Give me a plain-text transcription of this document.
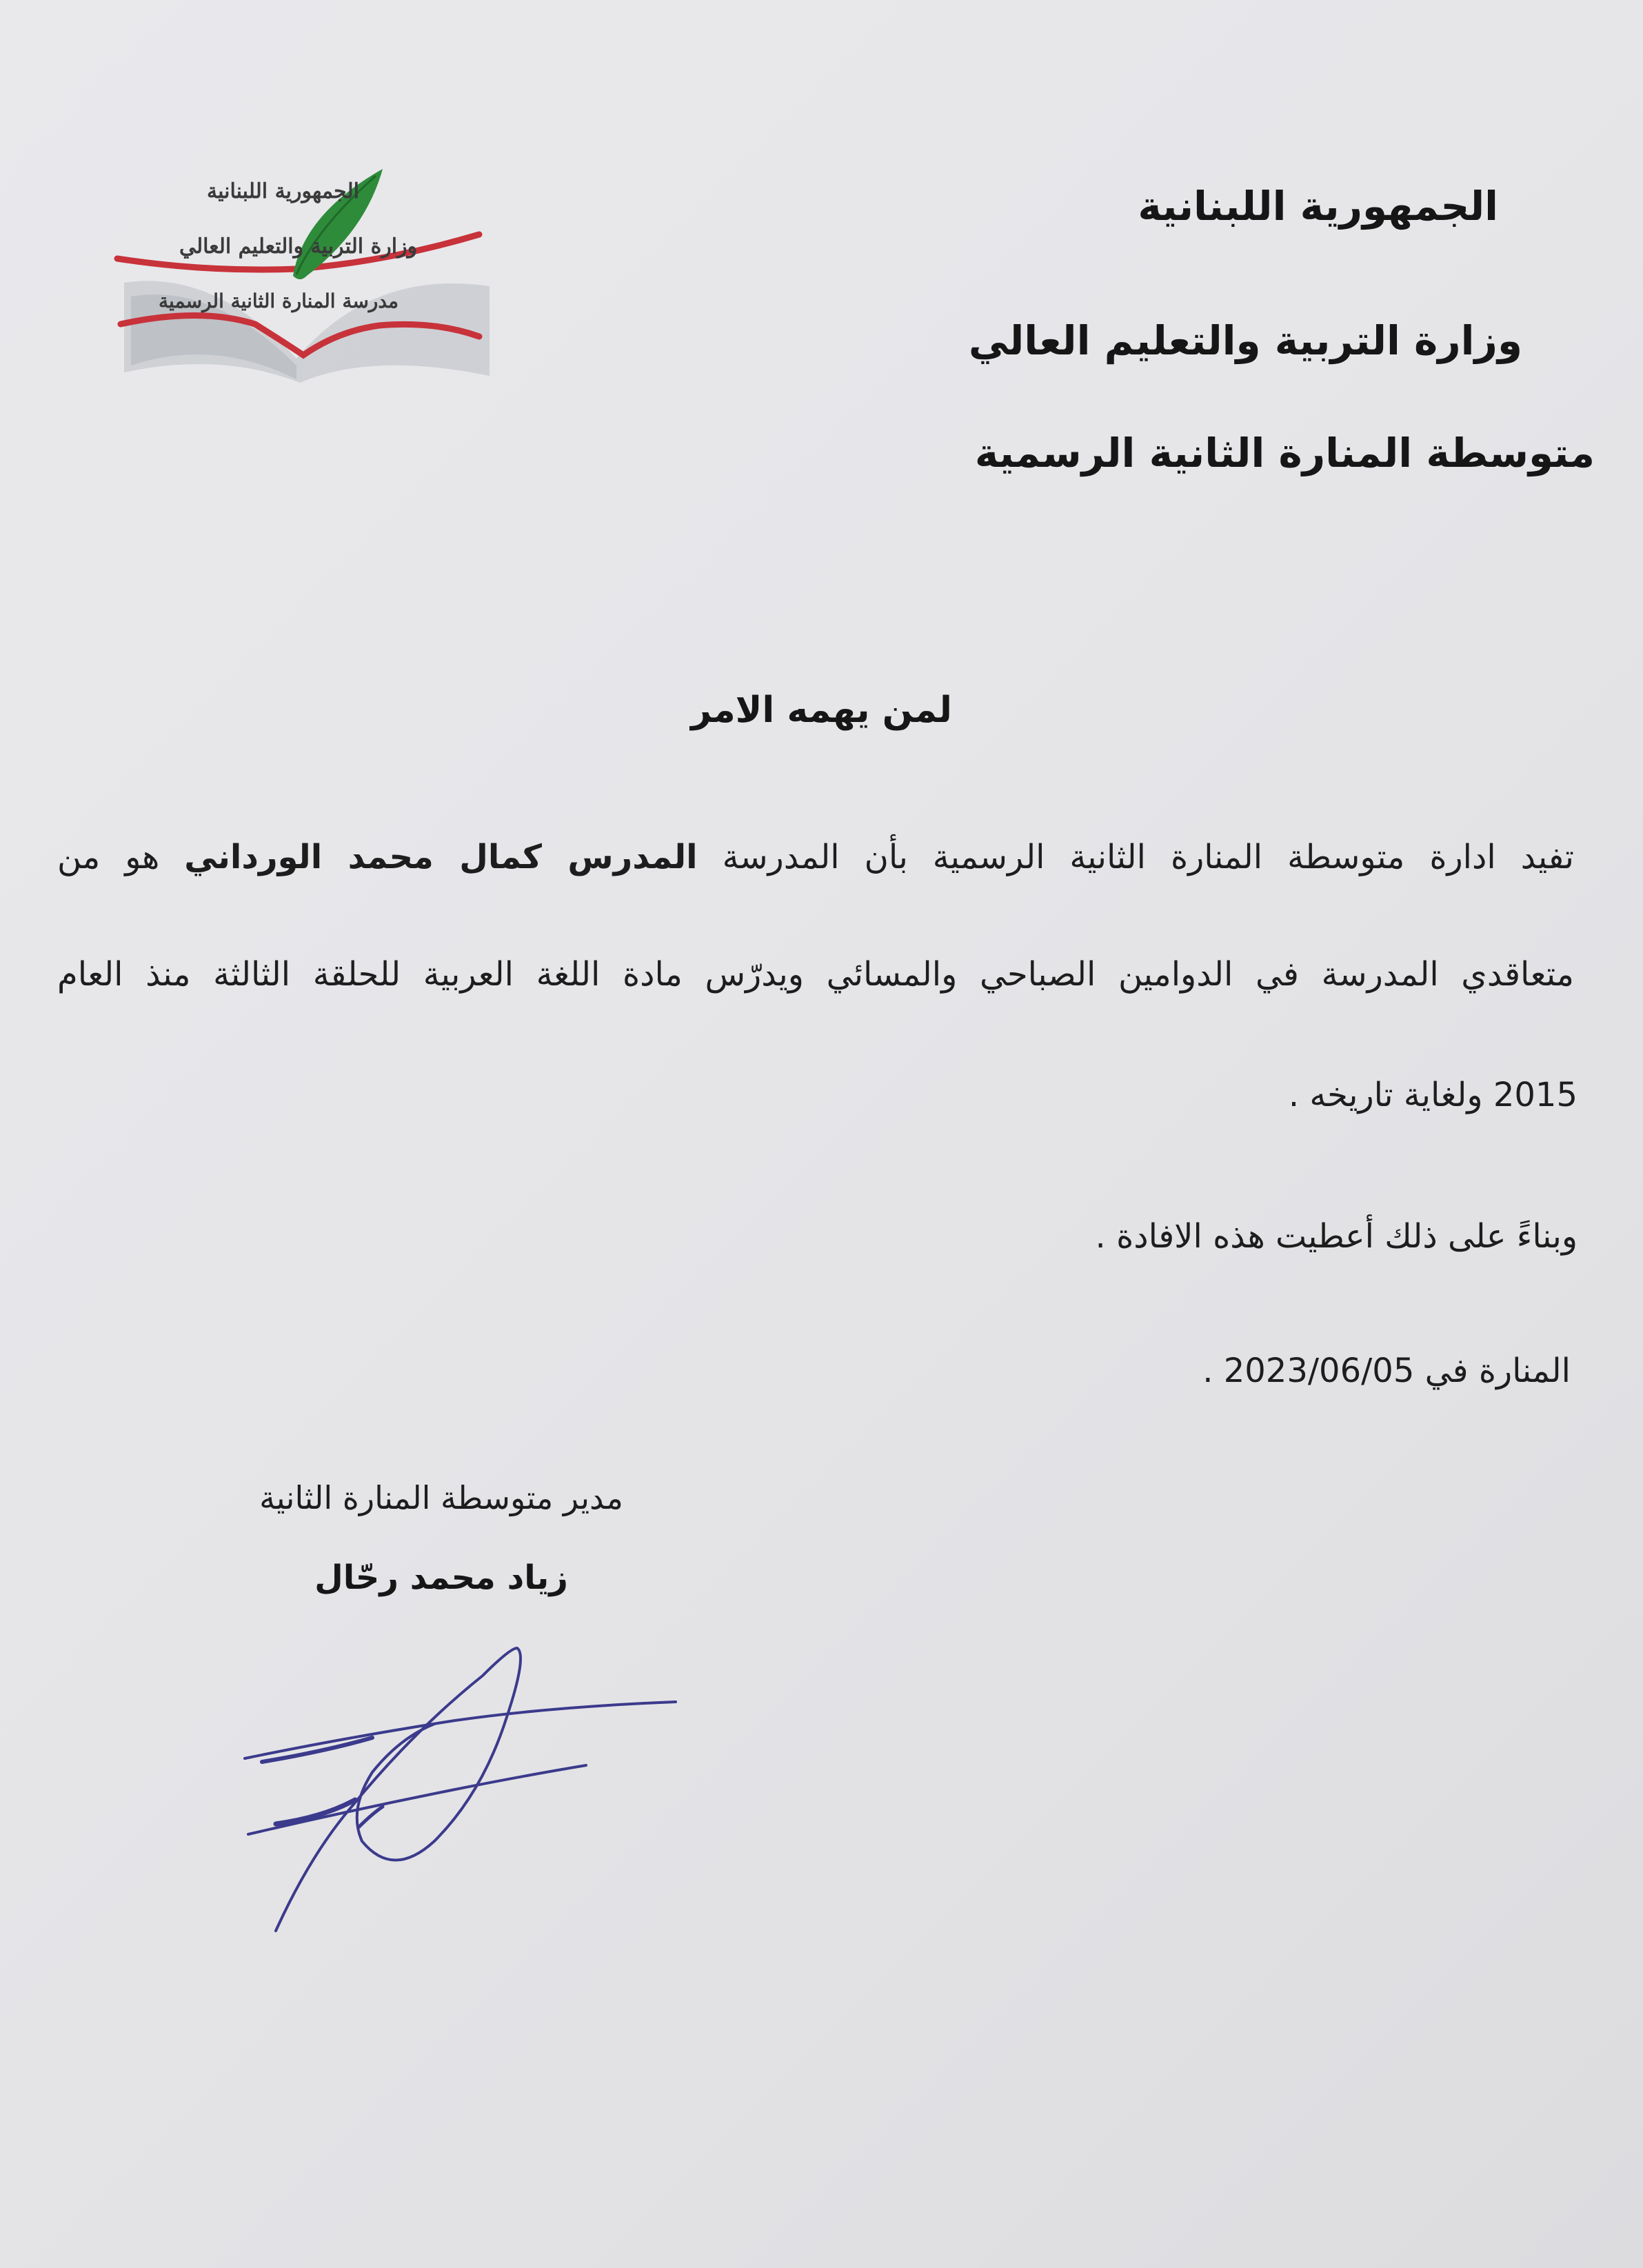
الجمهورية اللبنانية
وزارة التربية والتعليم العالي
متوسطة المنارة الثانية الرسمية
الجمهورية اللبنانية
وزارة التربية والتعليم العالي
مدرسة المنارة الثانية الرسمية
لمن يهمه الامر
تفيد ادارة متوسطة المنارة الثانية الرسمية بأن المدرسة المدرس كمال محمد الورداني هو من
متعاقدي المدرسة في الدوامين الصباحي والمسائي ويدرّس مادة اللغة العربية للحلقة الثالثة منذ العام
2015 ولغاية تاريخه .
وبناءً على ذلك أعطيت هذه الافادة .
المنارة في 2023/06/05 .
مدير متوسطة المنارة الثانية
زياد محمد رحّال
